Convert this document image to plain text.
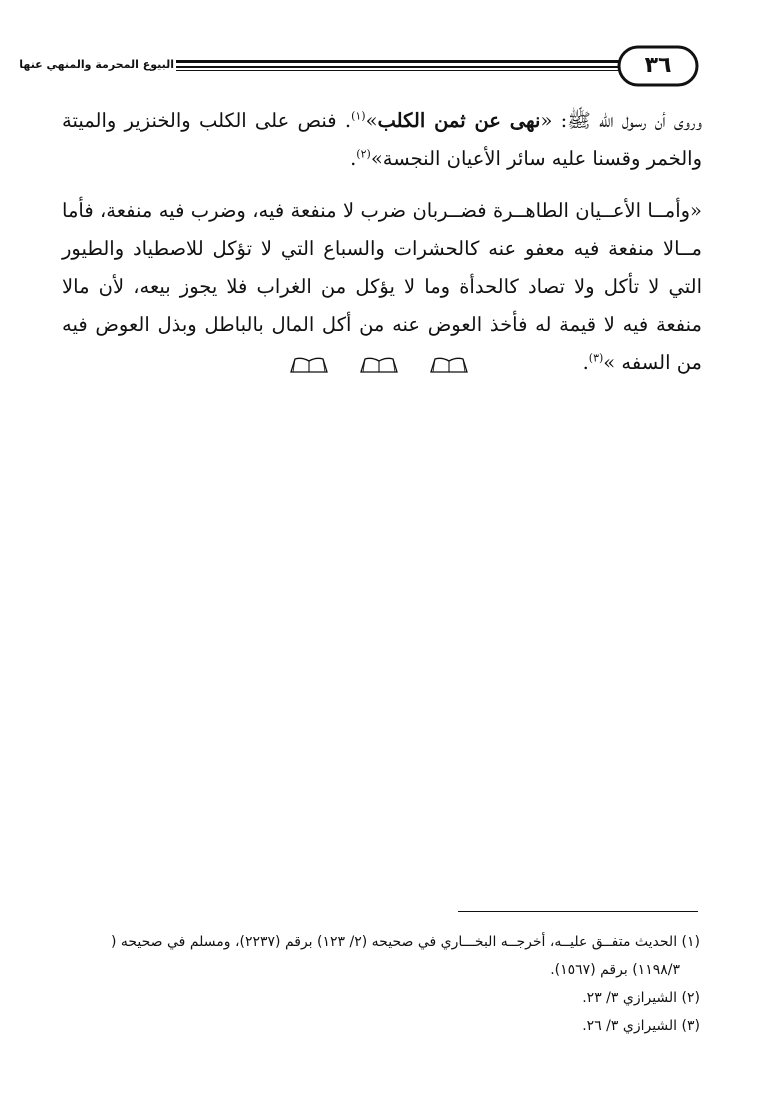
٣٦
البيوع المحرمة والمنهي عنها

وروى أن رسول الله ﷺ: «نهى عن ثمن الكلب»$^{(١)}$. فنص على الكلب والخنزير والميتة والخمر وقسنا عليه سائر الأعيان النجسة»$^{(٢)}$.

«وأمــا الأعــيان الطاهــرة فضــربان ضرب لا منفعة فيه، وضرب فيه منفعة، فأما مــالا منفعة فيه معفو عنه كالحشرات والسباع التي لا تؤكل للاصطياد والطيور التي لا تأكل ولا تصاد كالحدأة وما لا يؤكل من الغراب فلا يجوز بيعه، لأن مالا منفعة فيه لا قيمة له فأخذ العوض عنه من أكل المال بالباطل وبذل العوض فيه من السفه »$^{(٣)}$.

(١) الحديث متفــق عليــه، أخرجــه البخـــاري في صحيحه (٢/ ١٢٣) برقم (٢٢٣٧)، ومسلم في صحيحه (
١١٩٨/٣) برقم (١٥٦٧).
(٢) الشيرازي ٣/ ٢٣.
(٣) الشيرازي ٣/ ٢٦.
